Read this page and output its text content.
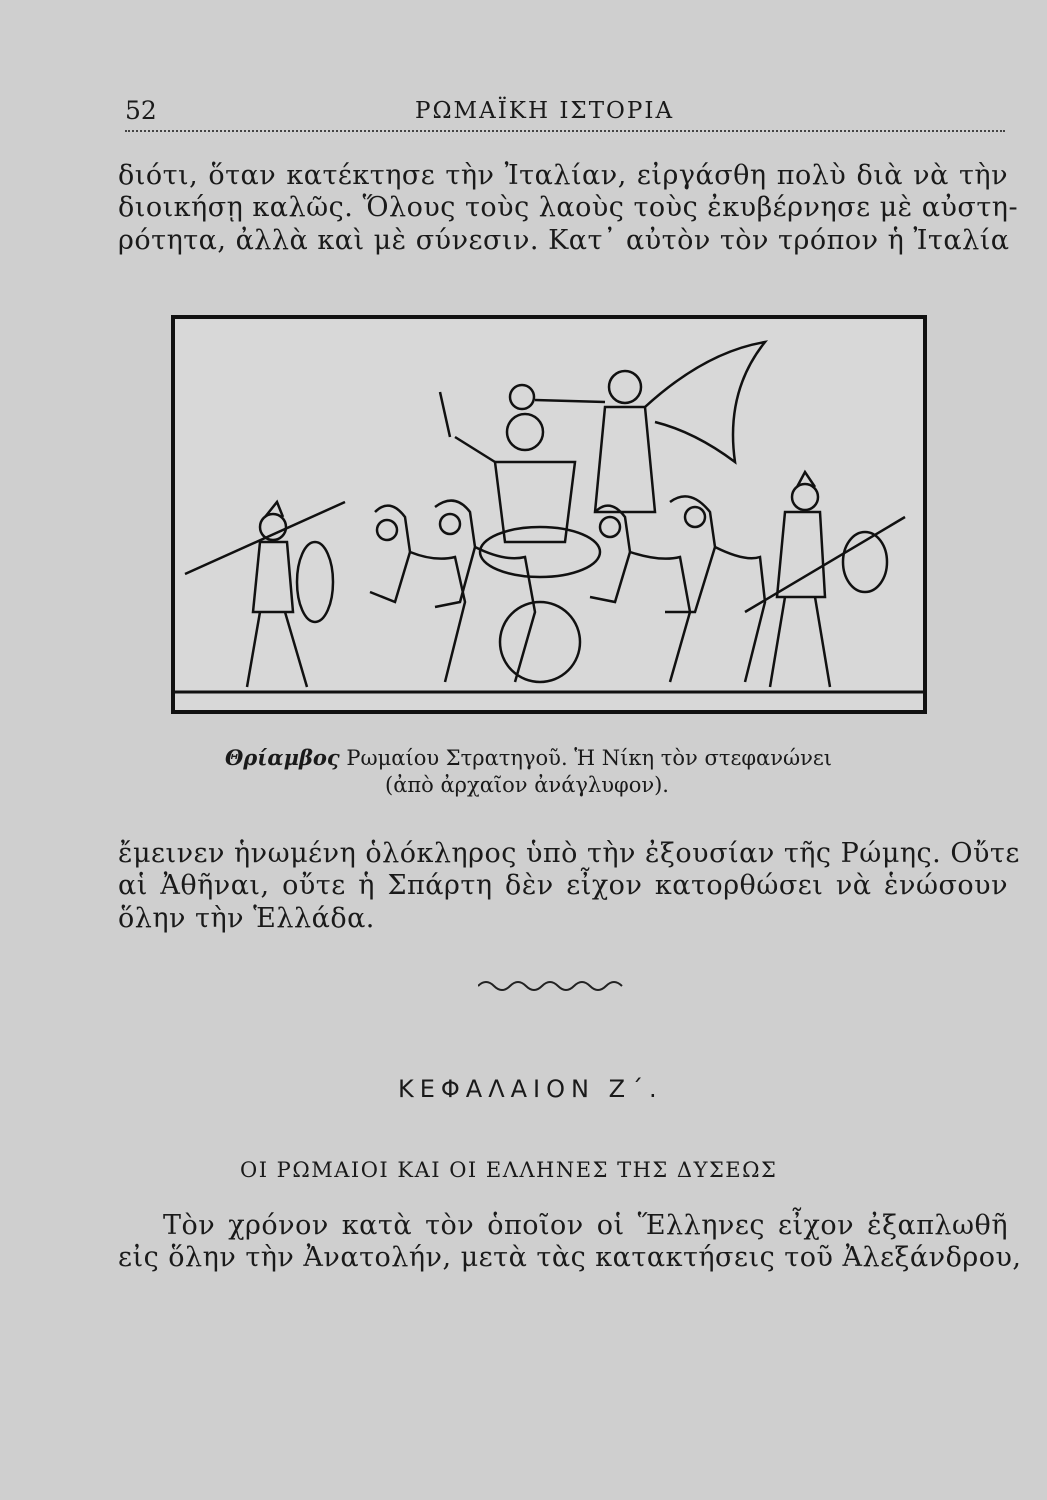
52	ΡΩΜΑΪΚΗ ΙΣΤΟΡΙΑ
διότι, ὅταν κατέκτησε τὴν Ἰταλίαν, εἰργάσθη πολὺ διὰ νὰ τὴν
διοικήσῃ καλῶς. Ὅλους τοὺς λαοὺς τοὺς ἐκυβέρνησε μὲ αὐστη-
ρότητα, ἀλλὰ καὶ μὲ σύνεσιν. Κατ᾽ αὐτὸν τὸν τρόπον ἡ Ἰταλία
Θρίαμβος Ρωμαίου Στρατηγοῦ. Ἡ Νίκη τὸν στεφανώνει
(ἀπὸ ἀρχαῖον ἀνάγλυφον).
ἔμεινεν ἡνωμένη ὁλόκληρος ὑπὸ τὴν ἐξουσίαν τῆς Ρώμης. Οὔτε
αἱ Ἀθῆναι, οὔτε ἡ Σπάρτη δὲν εἶχον κατορθώσει νὰ ἑνώσουν
ὅλην τὴν Ἑλλάδα.
ΚΕΦΑΛΑΙΟΝ Ζ΄.
ΟΙ ΡΩΜΑΙΟΙ ΚΑΙ ΟΙ ΕΛΛΗΝΕΣ ΤΗΣ ΔΥΣΕΩΣ
Τὸν χρόνον κατὰ τὸν ὁποῖον οἱ Ἕλληνες εἶχον ἐξαπλωθῆ
εἰς ὅλην τὴν Ἀνατολήν, μετὰ τὰς κατακτήσεις τοῦ Ἀλεξάνδρου,
